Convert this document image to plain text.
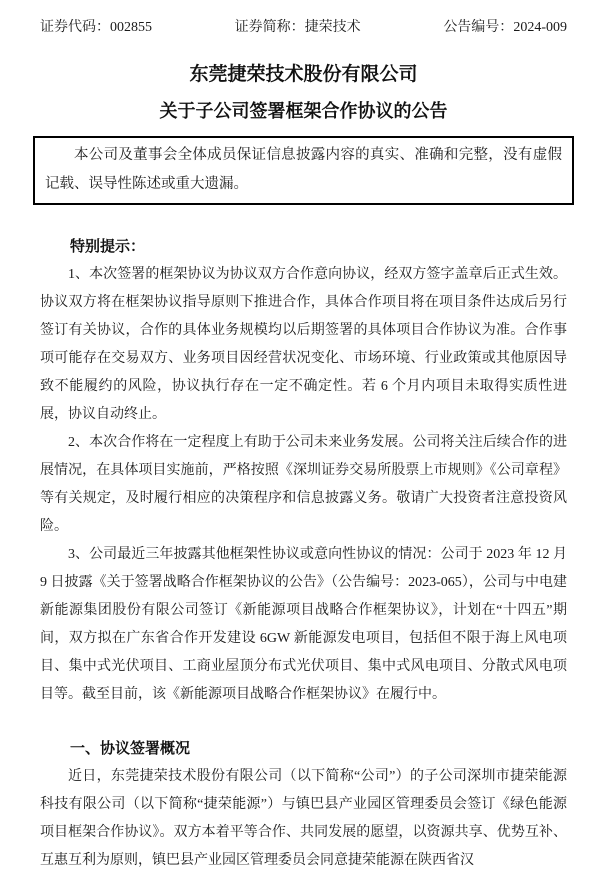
证券代码：002855	证券简称：捷荣技术	公告编号：2024-009
东莞捷荣技术股份有限公司
关于子公司签署框架合作协议的公告

本公司及董事会全体成员保证信息披露内容的真实、准确和完整，没有虚假记载、误导性陈述或重大遗漏。

特别提示：

1、本次签署的框架协议为协议双方合作意向协议，经双方签字盖章后正式生效。协议双方将在框架协议指导原则下推进合作，具体合作项目将在项目条件达成后另行签订有关协议，合作的具体业务规模均以后期签署的具体项目合作协议为准。合作事项可能存在交易双方、业务项目因经营状况变化、市场环境、行业政策或其他原因导致不能履约的风险，协议执行存在一定不确定性。若 6 个月内项目未取得实质性进展，协议自动终止。

2、本次合作将在一定程度上有助于公司未来业务发展。公司将关注后续合作的进展情况，在具体项目实施前，严格按照《深圳证券交易所股票上市规则》《公司章程》等有关规定，及时履行相应的决策程序和信息披露义务。敬请广大投资者注意投资风险。

3、公司最近三年披露其他框架性协议或意向性协议的情况：公司于 2023 年 12 月 9 日披露《关于签署战略合作框架协议的公告》（公告编号：2023-065），公司与中电建新能源集团股份有限公司签订《新能源项目战略合作框架协议》，计划在“十四五”期间，双方拟在广东省合作开发建设 6GW 新能源发电项目，包括但不限于海上风电项目、集中式光伏项目、工商业屋顶分布式光伏项目、集中式风电项目、分散式风电项目等。截至目前，该《新能源项目战略合作框架协议》在履行中。

一、协议签署概况

近日，东莞捷荣技术股份有限公司（以下简称“公司”）的子公司深圳市捷荣能源科技有限公司（以下简称“捷荣能源”）与镇巴县产业园区管理委员会签订《绿色能源项目框架合作协议》。双方本着平等合作、共同发展的愿望，以资源共享、优势互补、互惠互利为原则，镇巴县产业园区管理委员会同意捷荣能源在陕西省汉
